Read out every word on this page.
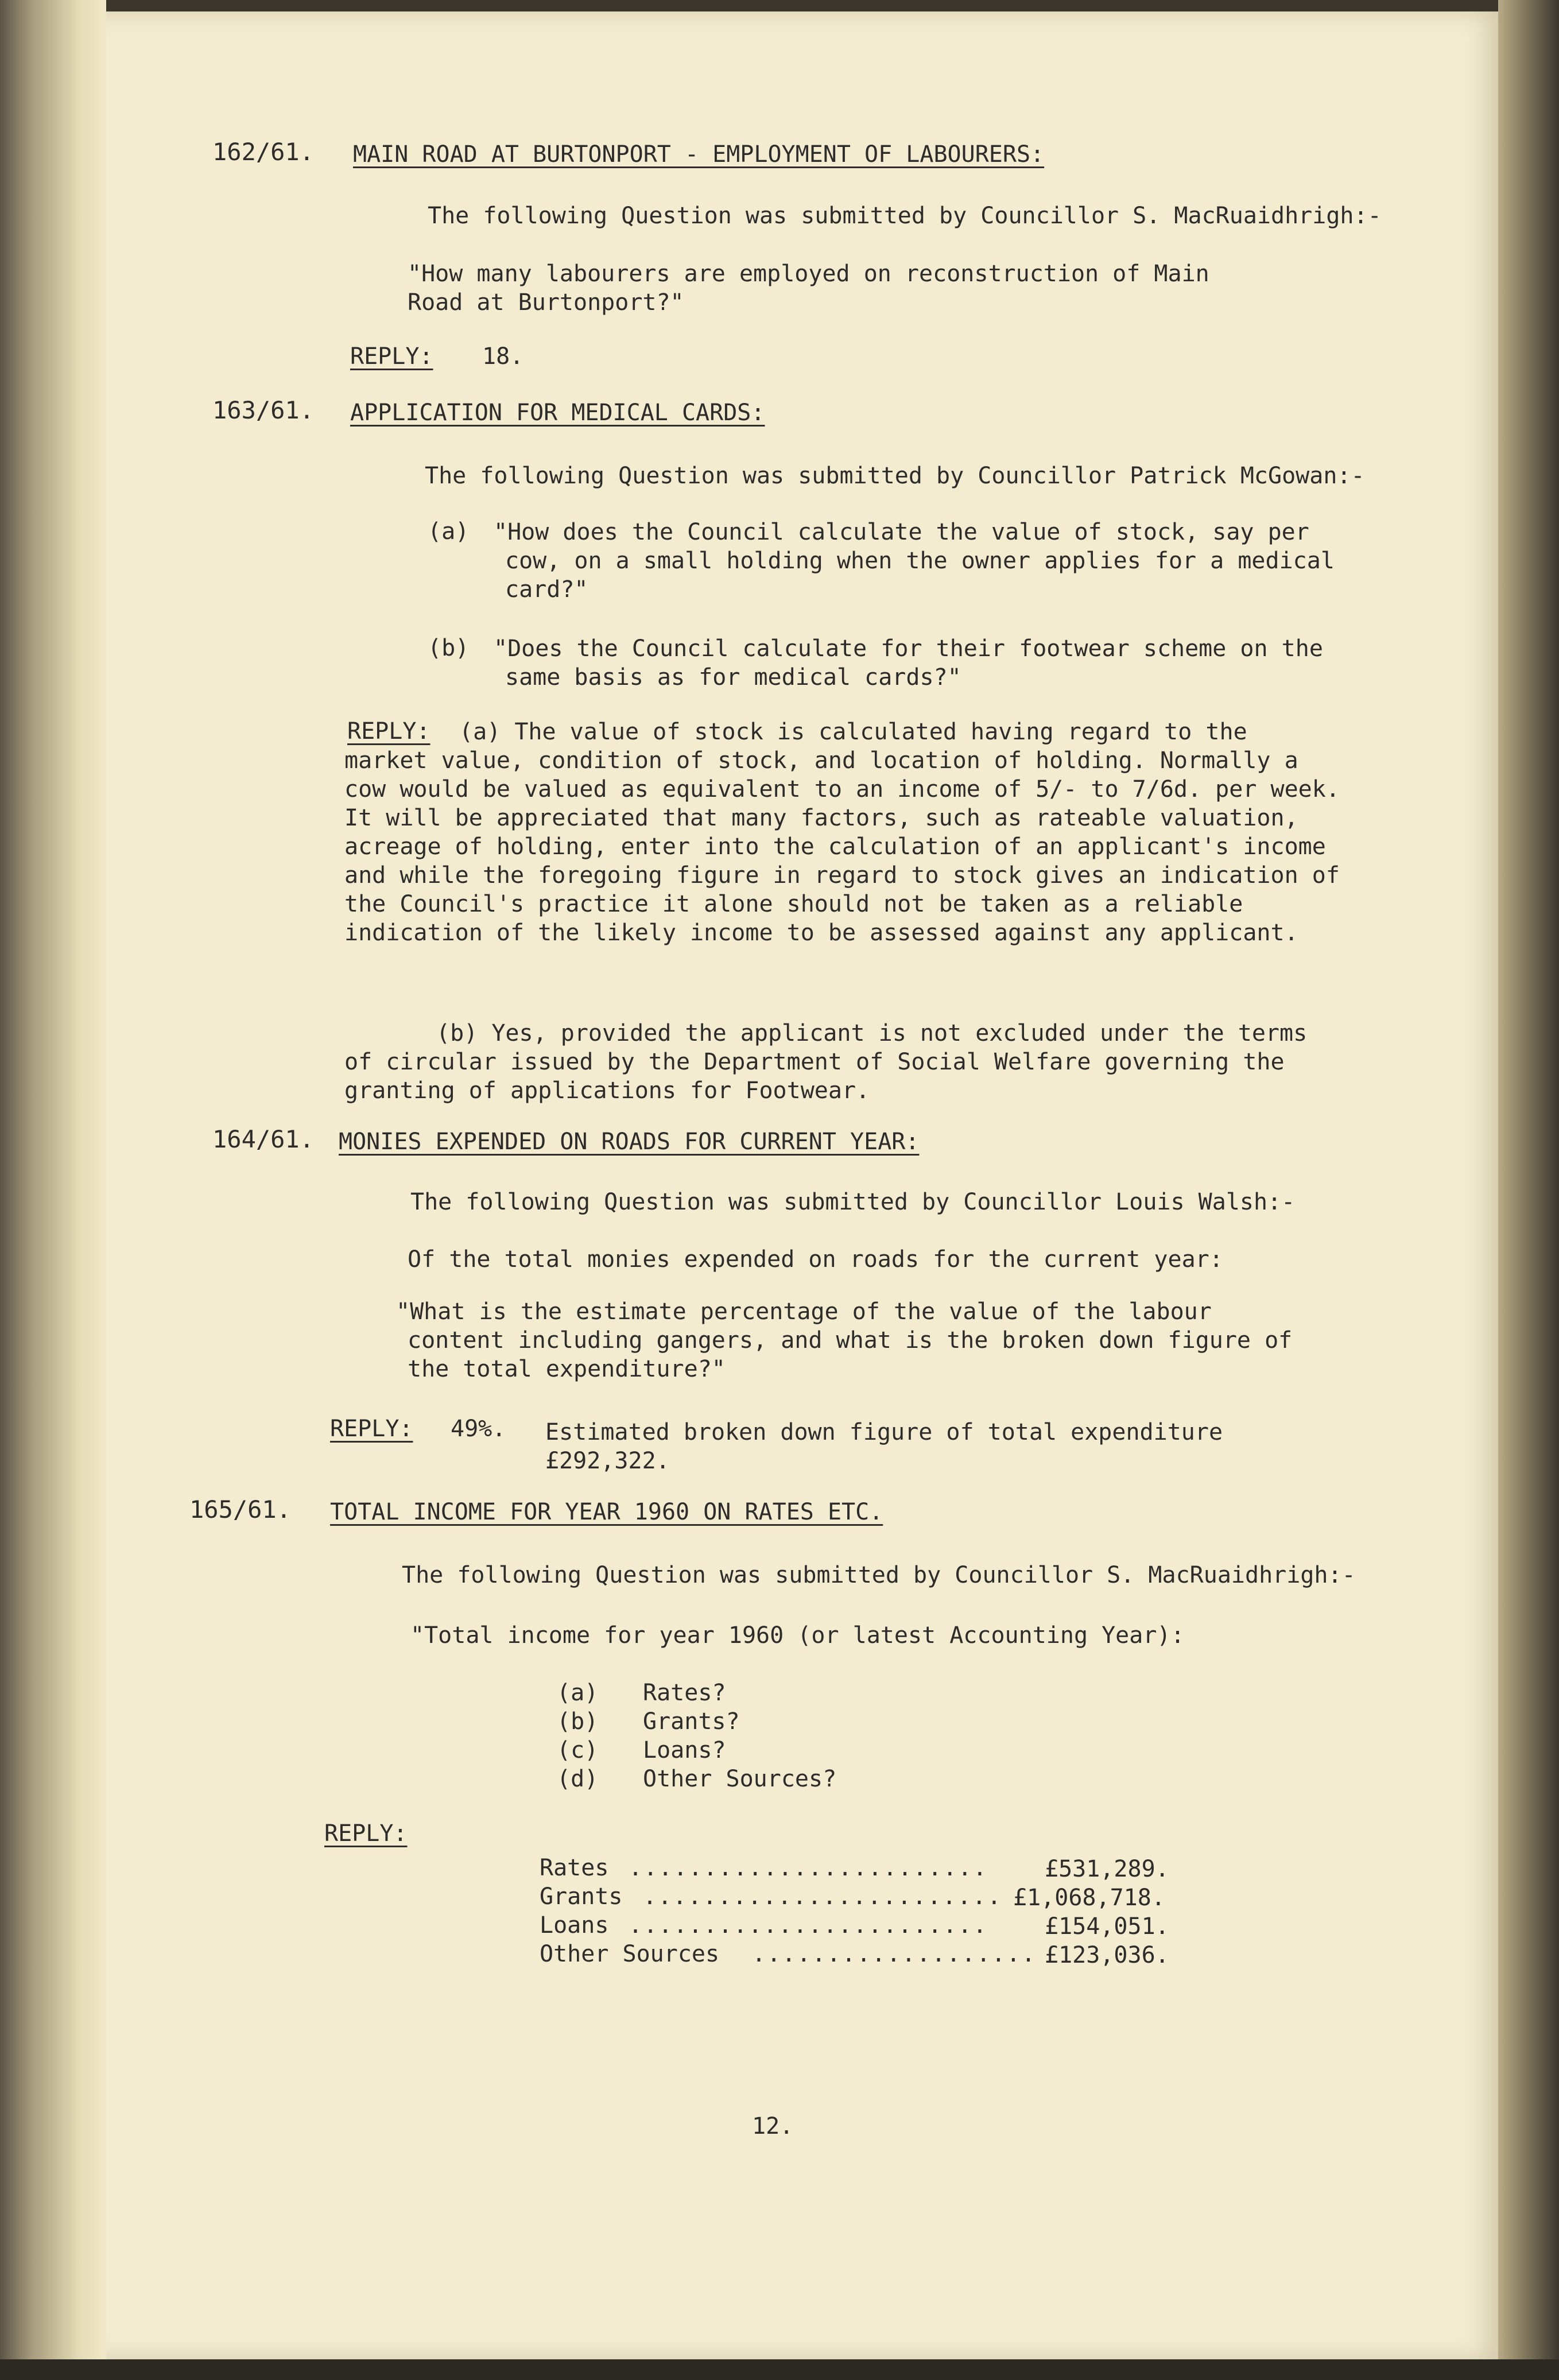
162/61. MAIN ROAD AT BURTONPORT - EMPLOYMENT OF LABOURERS:
The following Question was submitted by Councillor S. MacRuaidhrigh:-
"How many labourers are employed on reconstruction of Main Road at Burtonport?"
REPLY: 18.
163/61. APPLICATION FOR MEDICAL CARDS:
The following Question was submitted by Councillor Patrick McGowan:-
(a) "How does the Council calculate the value of stock, say per cow, on a small holding when the owner applies for a medical card?"
(b) "Does the Council calculate for their footwear scheme on the same basis as for medical cards?"
REPLY:	(a) The value of stock is calculated having regard to the market value, condition of stock, and location of holding. Normally a cow would be valued as equivalent to an income of 5/- to 7/6d. per week. It will be appreciated that many factors, such as rateable valuation, acreage of holding, enter into the calculation of an applicant's income and while the foregoing figure in regard to stock gives an indication of the Council's practice it alone should not be taken as a reliable indication of the likely income to be assessed against any applicant.
(b) Yes, provided the applicant is not excluded under the terms of circular issued by the Department of Social Welfare governing the granting of applications for Footwear.
164/61. MONIES EXPENDED ON ROADS FOR CURRENT YEAR:
The following Question was submitted by Councillor Louis Walsh:-
Of the total monies expended on roads for the current year:
"What is the estimate percentage of the value of the labour content including gangers, and what is the broken down figure of the total expenditure?"
REPLY: 49%. Estimated broken down figure of total expenditure £292,322.
165/61. TOTAL INCOME FOR YEAR 1960 ON RATES ETC.
The following Question was submitted by Councillor S. MacRuaidhrigh:-
"Total income for year 1960 (or latest Accounting Year):
(a) Rates?
(b) Grants?
(c) Loans?
(d) Other Sources?
REPLY:
Rates ........................ £531,289.
Grants ........................ £1,068,718.
Loans ........................ £154,051.
Other Sources ................... £123,036.
12.
